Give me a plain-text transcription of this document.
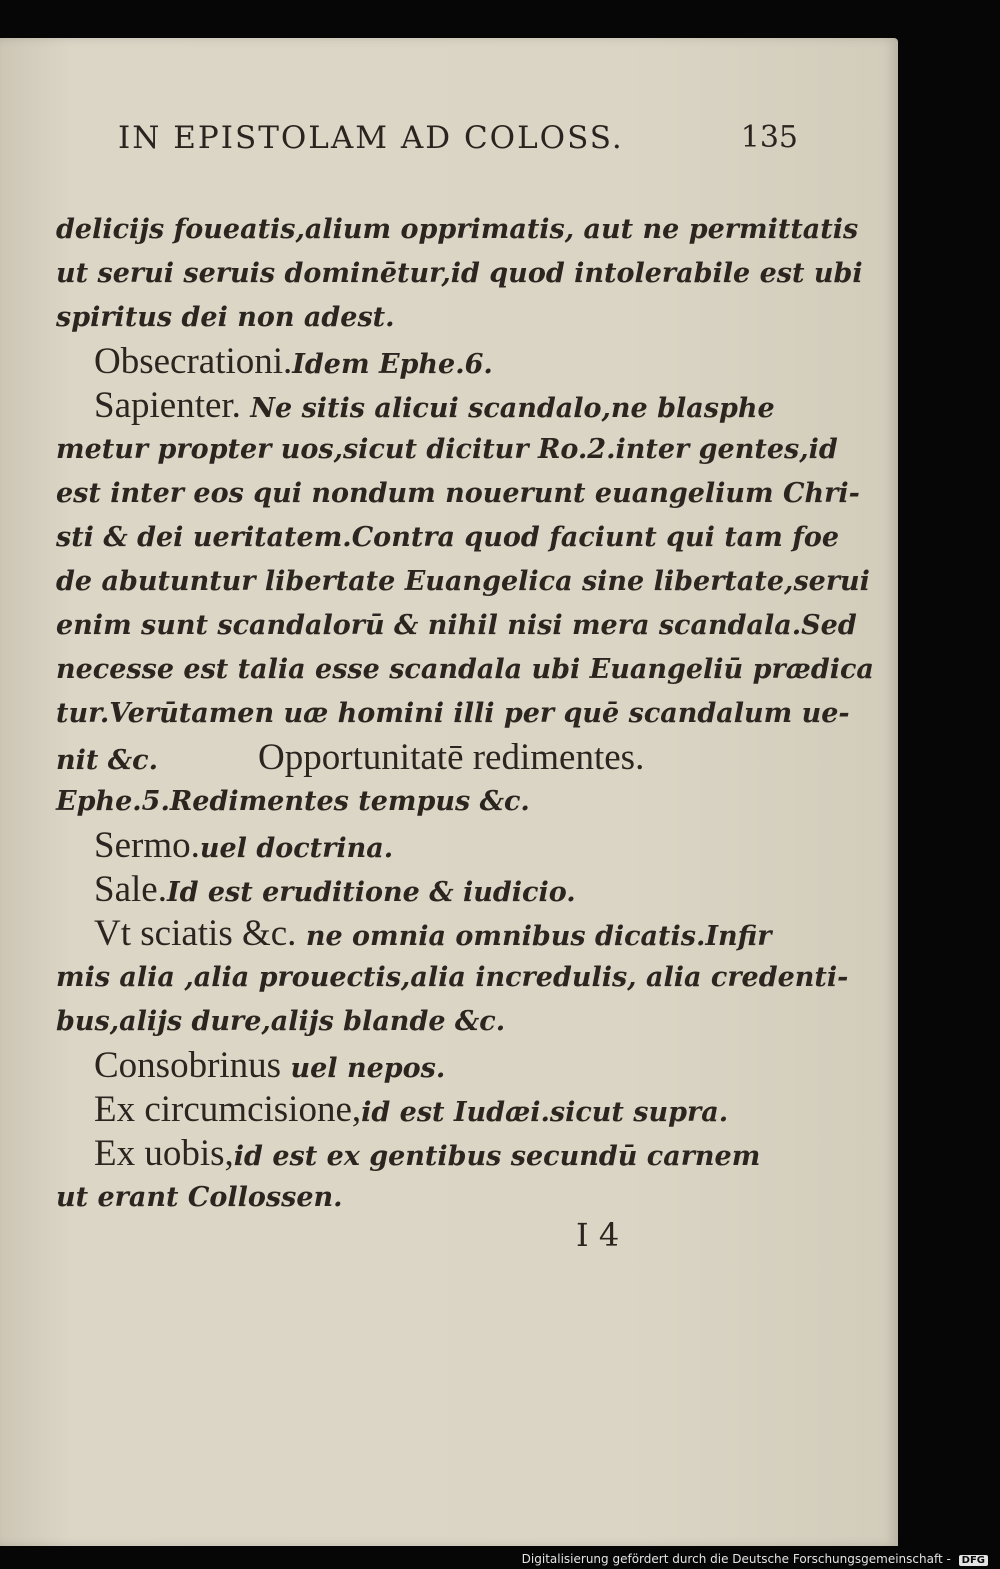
IN EPISTOLAM AD COLOSS.	135
delicijs foueatis,alium opprimatis, aut ne permittatis
ut serui seruis dominētur,id quod intolerabile est ubi
spiritus dei non adest.
Obsecrationi.Idem Ephe.6.
Sapienter. Ne sitis alicui scandalo,ne blasphe
metur propter uos,sicut dicitur Ro.2.inter gentes,id
est inter eos qui nondum nouerunt euangelium Chri-
sti & dei ueritatem.Contra quod faciunt qui tam foe
de abutuntur libertate Euangelica sine libertate,serui
enim sunt scandalorū & nihil nisi mera scandala.Sed
necesse est talia esse scandala ubi Euangeliū prædica
tur.Verūtamen uæ homini illi per quē scandalum ue-
nit &c.	Opportunitatē redimentes.
Ephe.5.Redimentes tempus &c.
Sermo.uel doctrina.
Sale.Id est eruditione & iudicio.
Vt sciatis &c. ne omnia omnibus dicatis.Infir
mis alia ,alia prouectis,alia incredulis, alia credenti-
bus,alijs dure,alijs blande &c.
Consobrinus uel nepos.
Ex circumcisione,id est Iudæi.sicut supra.
Ex uobis,id est ex gentibus secundū carnem
ut erant Collossen.
I 4
Digitalisierung gefördert durch die Deutsche Forschungsgemeinschaft - DFG
